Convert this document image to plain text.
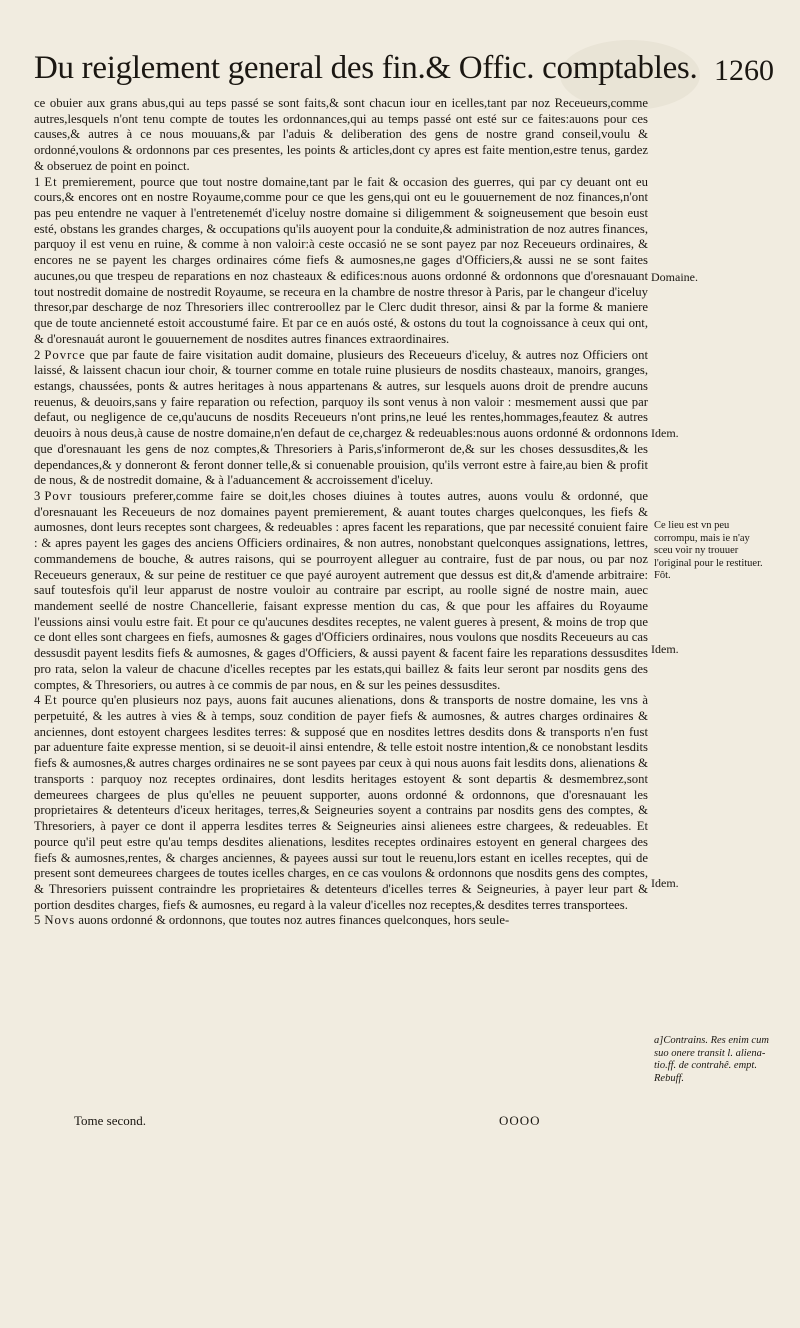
Du reiglement general des fin.& Offic. comptables. 1260

ce obuier aux grans abus,qui au teps passé se sont faits,& sont chacun iour en icelles,tant par noz Receueurs,comme autres,lesquels n'ont tenu compte de toutes les ordonnances,qui au temps passé ont esté sur ce faites:auons pour ces causes,& autres à ce nous mouuans,& par l'aduis & deliberation des gens de nostre grand conseil,voulu & ordonné,voulons & ordonnons par ces presentes, les points & articles,dont cy apres est faite mention,estre tenus, gardez & obseruez de point en poinct.

1 Et premierement, pource que tout nostre domaine,tant par le fait & occasion des guerres, qui par cy deuant ont eu cours,& encores ont en nostre Royaume,comme pour ce que les gens,qui ont eu le gouuernement de noz finances,n'ont pas peu entendre ne vaquer à l'entretenemét d'iceluy nostre domaine si diligemment & soigneusement que besoin eust esté, obstans les grandes charges, & occupations qu'ils auoyent pour la conduite,& administration de noz autres finances, parquoy il est venu en ruine, & comme à non valoir:à ceste occasió ne se sont payez par noz Receueurs ordinaires, & encores ne se payent les charges ordinaires cóme fiefs & aumosnes,ne gages d'Officiers,& aussi ne se sont faites aucunes,ou que trespeu de reparations en noz chasteaux & edifices:nous auons ordonné & ordonnons que d'oresnauant tout nostredit domaine de nostredit Royaume, se receura en la chambre de nostre thresor à Paris, par le changeur d'iceluy thresor,par descharge de noz Thresoriers illec contreroollez par le Clerc dudit thresor, ainsi & par la forme & maniere que de toute ancienneté estoit accoustumé faire. Et par ce en auós osté, & ostons du tout la cognoissance à ceux qui ont, & d'oresnauát auront le gouuernement de nosdites autres finances extraordinaires.

2 Povrce que par faute de faire visitation audit domaine, plusieurs des Receueurs d'iceluy, & autres noz Officiers ont laissé, & laissent chacun iour choir, & tourner comme en totale ruine plusieurs de nosdits chasteaux, manoirs, granges, estangs, chaussées, ponts & autres heritages à nous appartenans & autres, sur lesquels auons droit de prendre aucuns reuenus, & deuoirs,sans y faire reparation ou refection, parquoy ils sont venus à non valoir : mesmement aussi que par defaut, ou negligence de ce,qu'aucuns de nosdits Receueurs n'ont prins,ne leué les rentes,hommages,feautez & autres deuoirs à nous deus,à cause de nostre domaine,n'en defaut de ce,chargez & redeuables:nous auons ordonné & ordonnons que d'oresnauant les gens de noz comptes,& Thresoriers à Paris,s'informeront de,& sur les choses dessusdites,& les dependances,& y donneront & feront donner telle,& si conuenable prouision, qu'ils verront estre à faire,au bien & profit de nous, & de nostredit domaine, & à l'aduancement & accroissement d'iceluy.

3 Povr tousiours preferer,comme faire se doit,les choses diuines à toutes autres, auons voulu & ordonné, que d'oresnauant les Receueurs de noz domaines payent premierement, & auant toutes charges quelconques, les fiefs & aumosnes, dont leurs receptes sont chargees, & redeuables : apres facent les reparations, que par necessité conuient faire : & apres payent les gages des anciens Officiers ordinaires, & non autres, nonobstant quelconques assignations, lettres, commandemens de bouche, & autres raisons, qui se pourroyent alleguer au contraire, fust de par nous, ou par noz Receueurs generaux, & sur peine de restituer ce que payé auroyent autrement que dessus est dit,& d'amende arbitraire: sauf toutesfois qu'il leur apparust de nostre vouloir au contraire par escript, au roolle signé de nostre main, auec mandement seellé de nostre Chancellerie, faisant expresse mention du cas, & que pour les affaires du Royaume l'eussions ainsi voulu estre fait. Et pour ce qu'aucunes desdites receptes, ne valent gueres à present, & moins de trop que ce dont elles sont chargees en fiefs, aumosnes & gages d'Officiers ordinaires, nous voulons que nosdits Receueurs au cas dessusdit payent lesdits fiefs & aumosnes, & gages d'Officiers, & aussi payent & facent faire les reparations dessusdites pro rata, selon la valeur de chacune d'icelles receptes par les estats,qui baillez & faits leur seront par nosdits gens des comptes, & Thresoriers, ou autres à ce commis de par nous, en & sur les peines dessusdites.

4 Et pource qu'en plusieurs noz pays, auons fait aucunes alienations, dons & transports de nostre domaine, les vns à perpetuité, & les autres à vies & à temps, souz condition de payer fiefs & aumosnes, & autres charges ordinaires & anciennes, dont estoyent chargees lesdites terres: & supposé que en nosdites lettres desdits dons & transports n'en fust par aduenture faite expresse mention, si se deuoit-il ainsi entendre, & telle estoit nostre intention,& ce nonobstant lesdits fiefs & aumosnes,& autres charges ordinaires ne se sont payees par ceux à qui nous auons fait lesdits dons, alienations & transports : parquoy noz receptes ordinaires, dont lesdits heritages estoyent & sont departis & desmembrez,sont demeurees chargees de plus qu'elles ne peuuent supporter, auons ordonné & ordonnons, que d'oresnauant les proprietaires & detenteurs d'iceux heritages, terres,& Seigneuries soyent a contrains par nosdits gens des comptes, & Thresoriers, à payer ce dont il apperra lesdites terres & Seigneuries ainsi alienees estre chargees, & redeuables. Et pource qu'il peut estre qu'au temps desdites alienations, lesdites receptes ordinaires estoyent en general chargees des fiefs & aumosnes,rentes, & charges anciennes, & payees aussi sur tout le reuenu,lors estant en icelles receptes, qui de present sont demeurees chargees de toutes icelles charges, en ce cas voulons & ordonnons que nosdits gens des comptes, & Thresoriers puissent contraindre les proprietaires & detenteurs d'icelles terres & Seigneuries, à payer leur part & portion desdites charges, fiefs & aumosnes, eu regard à la valeur d'icelles noz receptes,& desdites terres transportees.

5 Novs auons ordonné & ordonnons, que toutes noz autres finances quelconques, hors seule-

Domaine.
Idem.
Ce lieu est vn peu corrompu, mais ie n'ay sceu voir ny trouuer l'original pour le restituer. Fôt.
Idem.
Idem.
a]Contrains. Res enim cum suo onere transit l. aliena-tio.ff. de contrahê. empt. Rebuff.
Tome second.	OOOO
